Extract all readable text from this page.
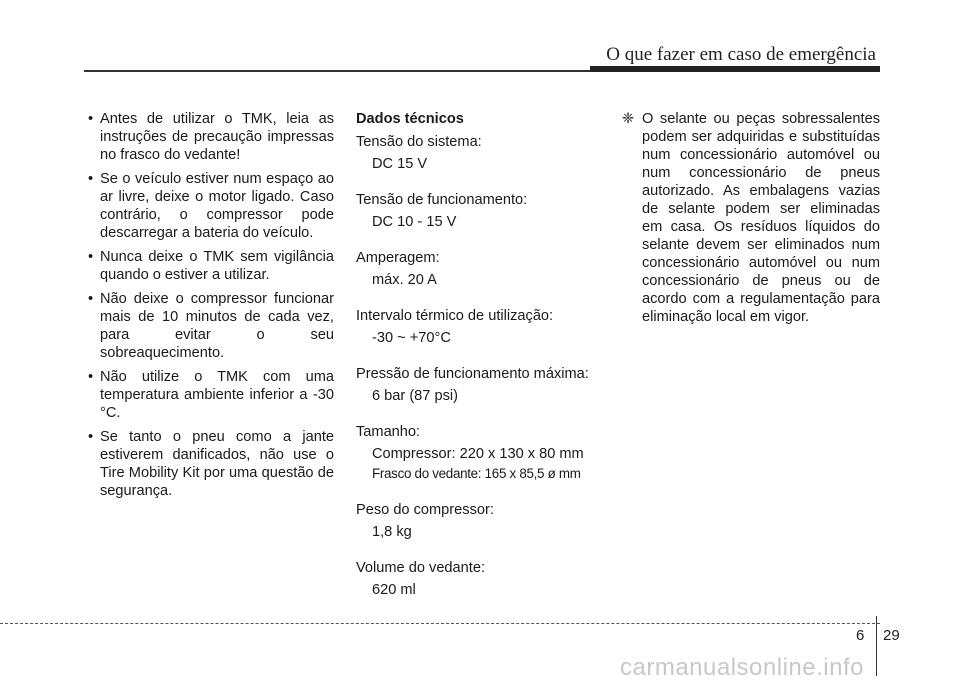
O que fazer em caso de emergência
• Antes de utilizar o TMK, leia as instruções de precaução impressas no frasco do vedante!
• Se o veículo estiver num espaço ao ar livre, deixe o motor ligado. Caso contrário, o compressor pode descarregar a bateria do veículo.
• Nunca deixe o TMK sem vigilância quando o estiver a utilizar.
• Não deixe o compressor funcionar mais de 10 minutos de cada vez, para evitar o seu sobreaquecimento.
• Não utilize o TMK com uma temperatura ambiente inferior a -30 °C.
• Se tanto o pneu como a jante estiverem danificados, não use o Tire Mobility Kit por uma questão de segurança.
Dados técnicos
Tensão do sistema:
DC 15 V
Tensão de funcionamento:
DC 10 - 15 V
Amperagem:
máx. 20 A
Intervalo térmico de utilização:
-30 ~ +70°C
Pressão de funcionamento máxima:
6 bar (87 psi)
Tamanho:
Compressor: 220 x 130 x 80 mm
Frasco do vedante: 165 x 85,5 ø mm
Peso do compressor:
1,8 kg
Volume do vedante:
620 ml
❈ O selante ou peças sobressalentes podem ser adquiridas e substituídas num concessionário automóvel ou num concessionário de pneus autorizado. As embalagens vazias de selante podem ser eliminadas em casa. Os resíduos líquidos do selante devem ser eliminados num concessionário automóvel ou num concessionário de pneus ou de acordo com a regulamentação para eliminação local em vigor.
6 29
carmanualsonline.info
